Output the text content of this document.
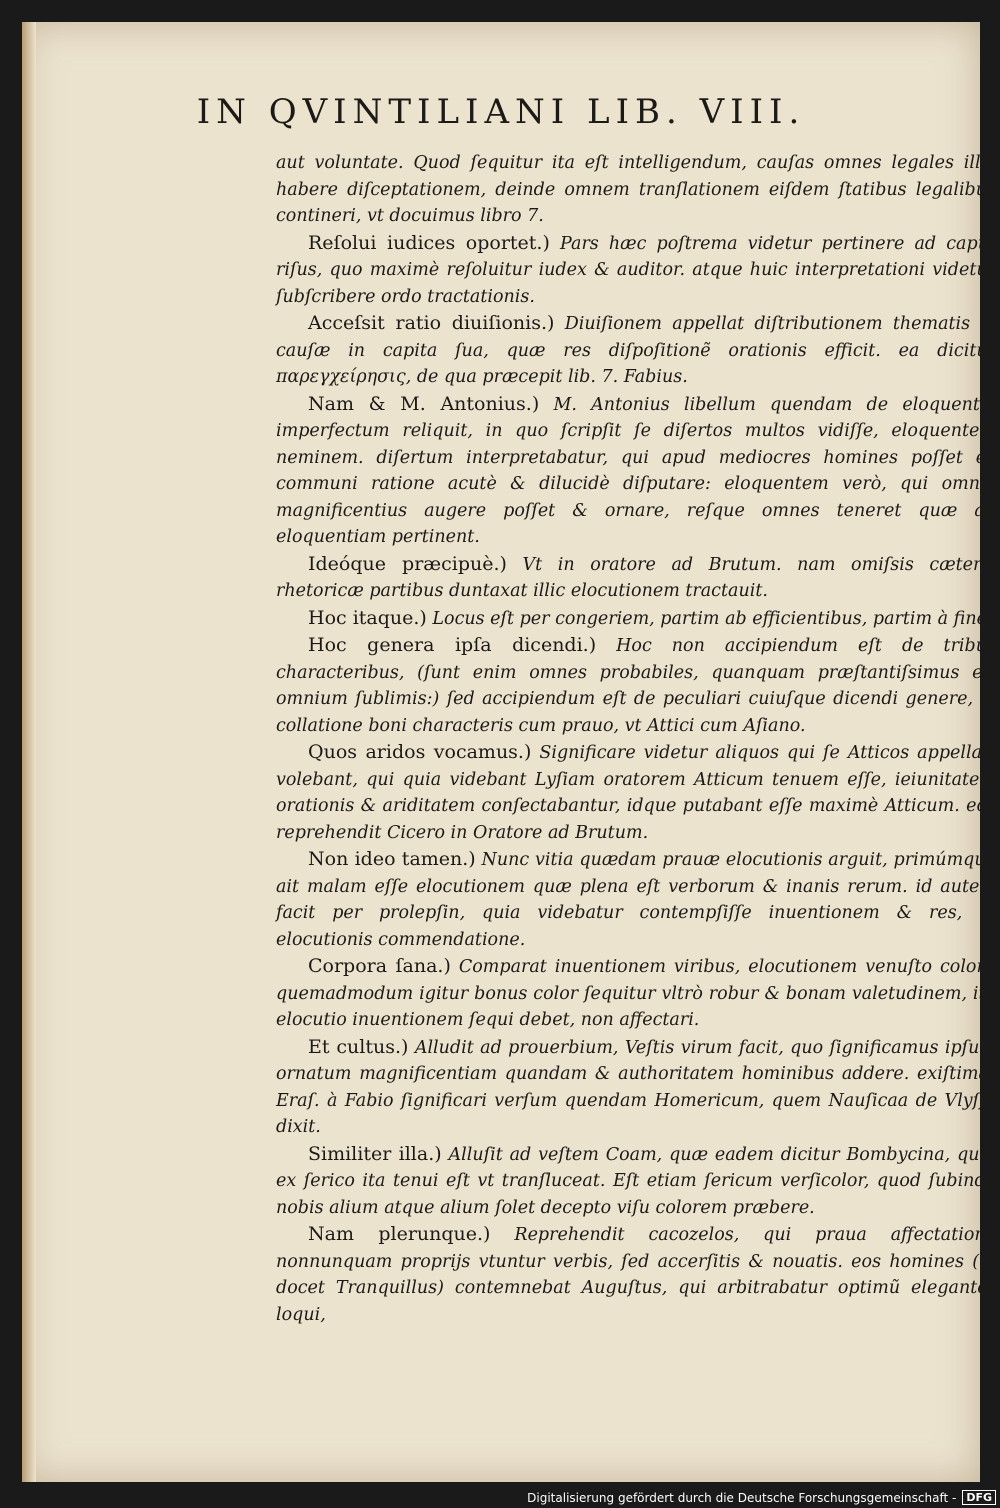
IN QVINTILIANI LIB. VIII.

aut voluntate. Quod ſequitur ita eſt intelligendum, cauſas omnes legales illic habere diſceptationem, deinde omnem tranſlationem eiſdem ſtatibus legalibus contineri, vt docuimus libro 7.

Reſolui iudices oportet.) Pars hæc poſtrema videtur pertinere ad caput riſus, quo maximè reſoluitur iudex & auditor. atque huic interpretationi videtur ſubſcribere ordo tractationis.

Acceſsit ratio diuiſionis.) Diuiſionem appellat diſtributionem thematis & cauſæ in capita ſua, quæ res diſpoſitionẽ orationis efficit. ea dicitur παρεγχείρησις, de qua præcepit lib. 7. Fabius.

Nam & M. Antonius.) M. Antonius libellum quendam de eloquentia imperfectum reliquit, in quo ſcripſit ſe diſertos multos vidiſſe, eloquentem neminem. diſertum interpretabatur, qui apud mediocres homines poſſet ex communi ratione acutè & dilucidè diſputare: eloquentem verò, qui omnia magnificentius augere poſſet & ornare, reſque omnes teneret quæ ad eloquentiam pertinent.

Ideóque præcipuè.) Vt in oratore ad Brutum. nam omiſsis cæteris rhetoricæ partibus duntaxat illic elocutionem tractauit.

Hoc itaque.) Locus eſt per congeriem, partim ab efficientibus, partim à fine.

Hoc genera ipſa dicendi.) Hoc non accipiendum eſt de tribus characteribus, (ſunt enim omnes probabiles, quanquam præſtantiſsimus eſt omnium ſublimis:) ſed accipiendum eſt de peculiari cuiuſque dicendi genere, & collatione boni characteris cum prauo, vt Attici cum Aſiano.

Quos aridos vocamus.) Significare videtur aliquos qui ſe Atticos appellari volebant, qui quia videbant Lyſiam oratorem Atticum tenuem eſſe, ieiunitatem orationis & ariditatem conſectabantur, idque putabant eſſe maximè Atticum. eos reprehendit Cicero in Oratore ad Brutum.

Non ideo tamen.) Nunc vitia quædam prauæ elocutionis arguit, primúmque ait malam eſſe elocutionem quæ plena eſt verborum & inanis rerum. id autem facit per prolepſin, quia videbatur contempſiſſe inuentionem & res, in elocutionis commendatione.

Corpora ſana.) Comparat inuentionem viribus, elocutionem venuſto colori. quemadmodum igitur bonus color ſequitur vltrò robur & bonam valetudinem, ita elocutio inuentionem ſequi debet, non affectari.

Et cultus.) Alludit ad prouerbium, Veſtis virum facit, quo ſignificamus ipſum ornatum magnificentiam quandam & authoritatem hominibus addere. exiſtimat Eraſ. à Fabio ſignificari verſum quendam Homericum, quem Nauſicaa de Vlyſſe dixit.

Similiter illa.) Alluſit ad veſtem Coam, quæ eadem dicitur Bombycina, quæ ex ſerico ita tenui eſt vt tranſluceat. Eſt etiam ſericum verſicolor, quod ſubinde nobis alium atque alium ſolet decepto viſu colorem præbere.

Nam plerunque.) Reprehendit cacozelos, qui praua affectatione nonnunquam proprijs vtuntur verbis, ſed accerſitis & nouatis. eos homines (vt docet Tranquillus) contemnebat Auguſtus, qui arbitrabatur optimũ eleganter loqui,

Digitalisierung gefördert durch die Deutsche Forschungsgemeinschaft - DFG
